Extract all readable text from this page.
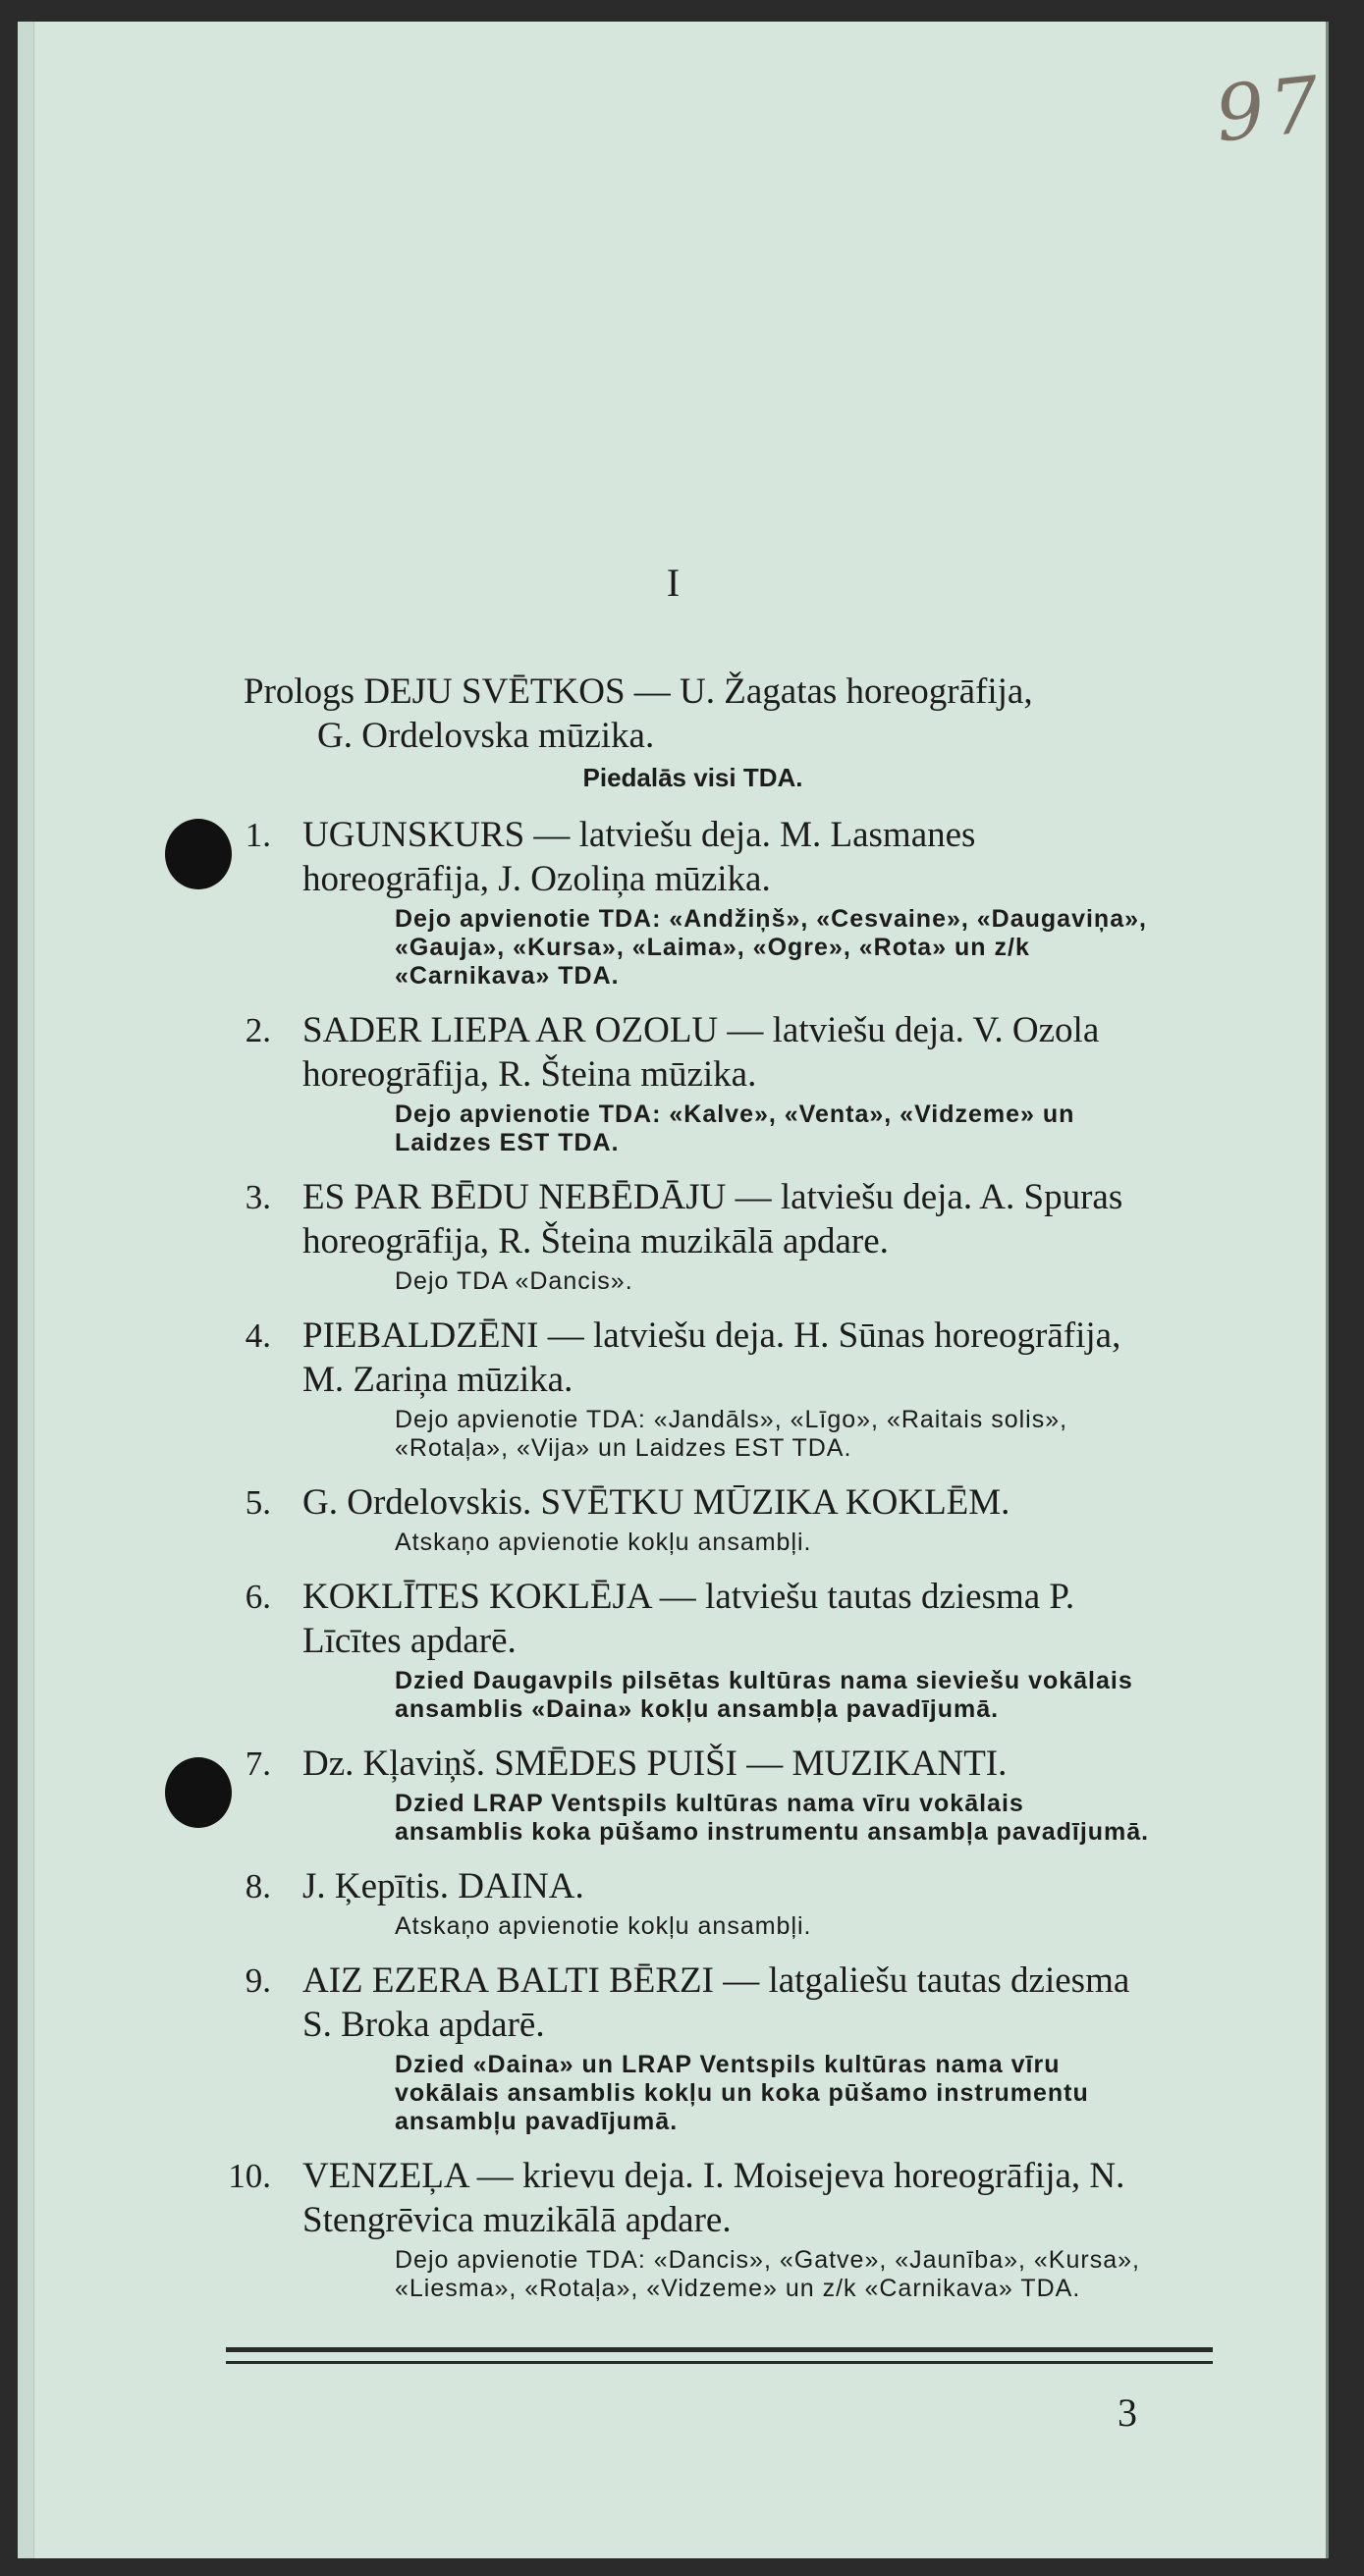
97
I
Prologs DEJU SVĒTKOS — U. Žagatas horeogrāfija,
G. Ordelovska mūzika.
Piedalās visi TDA.
1. UGUNSKURS — latviešu deja. M. Lasmanes horeogrāfija, J. Ozoliņa mūzika.
Dejo apvienotie TDA: «Andžiņš», «Cesvaine», «Daugaviņa», «Gauja», «Kursa», «Laima», «Ogre», «Rota» un z/k «Carnikava» TDA.
2. SADER LIEPA AR OZOLU — latviešu deja. V. Ozola horeogrāfija, R. Šteina mūzika.
Dejo apvienotie TDA: «Kalve», «Venta», «Vidzeme» un Laidzes EST TDA.
3. ES PAR BĒDU NEBĒDĀJU — latviešu deja. A. Spuras horeogrāfija, R. Šteina muzikālā apdare.
Dejo TDA «Dancis».
4. PIEBALDZĒNI — latviešu deja. H. Sūnas horeogrāfija, M. Zariņa mūzika.
Dejo apvienotie TDA: «Jandāls», «Līgo», «Raitais solis», «Rotaļa», «Vija» un Laidzes EST TDA.
5. G. Ordelovskis. SVĒTKU MŪZIKA KOKLĒM.
Atskaņo apvienotie kokļu ansambļi.
6. KOKLĪTES KOKLĒJA — latviešu tautas dziesma P. Līcītes apdarē.
Dzied Daugavpils pilsētas kultūras nama sieviešu vokālais ansamblis «Daina» kokļu ansambļa pavadījumā.
7. Dz. Kļaviņš. SMĒDES PUIŠI — MUZIKANTI.
Dzied LRAP Ventspils kultūras nama vīru vokālais ansamblis koka pūšamo instrumentu ansambļa pavadījumā.
8. J. Ķepītis. DAINA.
Atskaņo apvienotie kokļu ansambļi.
9. AIZ EZERA BALTI BĒRZI — latgaliešu tautas dziesma S. Broka apdarē.
Dzied «Daina» un LRAP Ventspils kultūras nama vīru vokālais ansamblis kokļu un koka pūšamo instrumentu ansambļu pavadījumā.
10. VENZEĻA — krievu deja. I. Moisejeva horeogrāfija, N. Stengrēvica muzikālā apdare.
Dejo apvienotie TDA: «Dancis», «Gatve», «Jaunība», «Kursa», «Liesma», «Rotaļa», «Vidzeme» un z/k «Carnikava» TDA.
3
